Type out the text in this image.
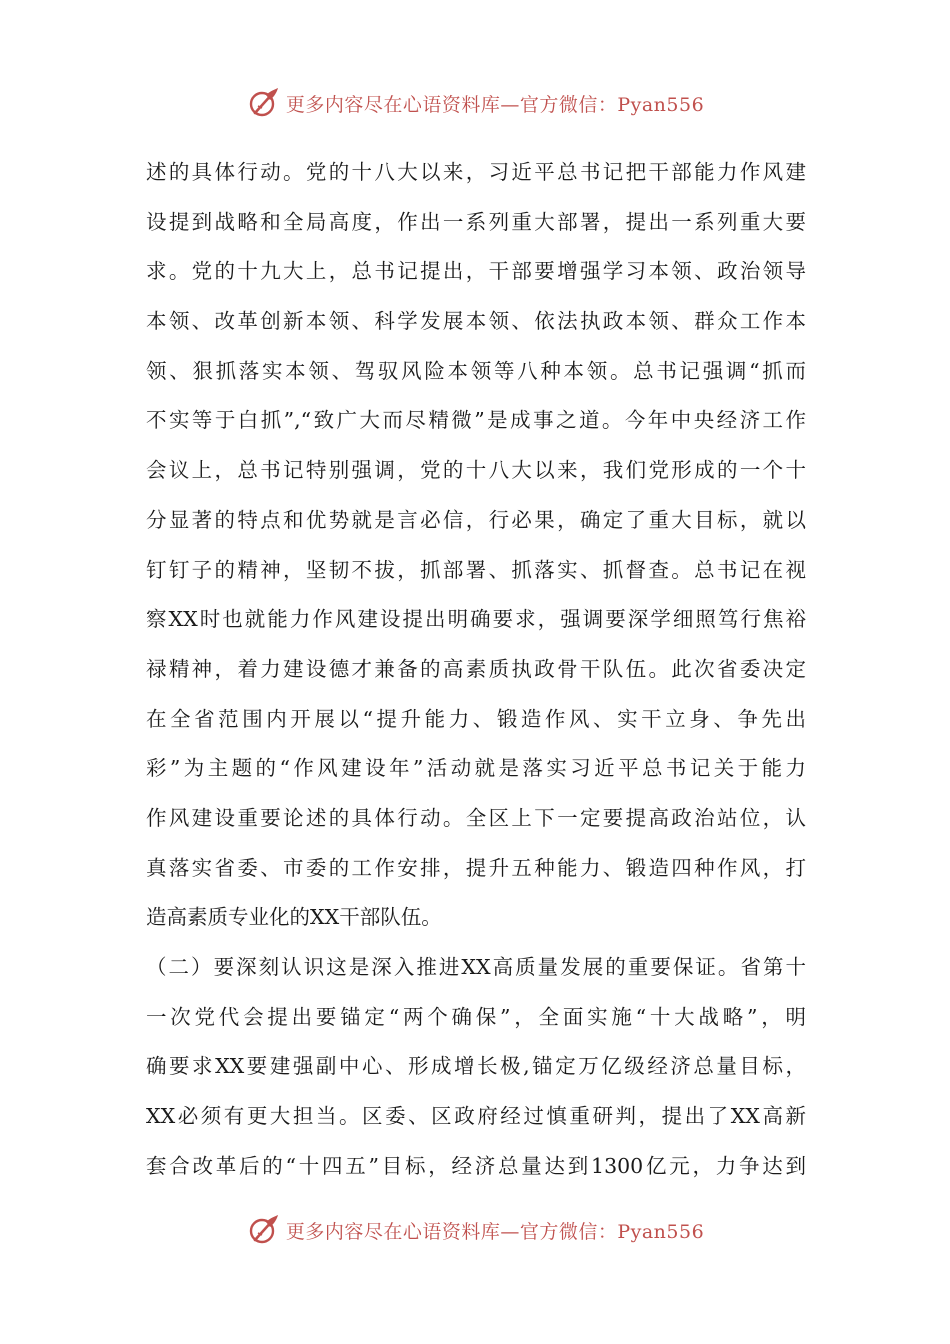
更多内容尽在心语资料库—官方微信：Pyan556
述的具体行动。党的十八大以来，习近平总书记把干部能力作风建
设提到战略和全局高度，作出一系列重大部署，提出一系列重大要
求。党的十九大上，总书记提出，干部要增强学习本领、政治领导
本领、改革创新本领、科学发展本领、依法执政本领、群众工作本
领、狠抓落实本领、驾驭风险本领等八种本领。总书记强调“抓而
不实等于白抓”,“致广大而尽精微”是成事之道。今年中央经济工作
会议上，总书记特别强调，党的十八大以来，我们党形成的一个十
分显著的特点和优势就是言必信，行必果，确定了重大目标，就以
钉钉子的精神，坚韧不拔，抓部署、抓落实、抓督查。总书记在视
察XX时也就能力作风建设提出明确要求，强调要深学细照笃行焦裕
禄精神，着力建设德才兼备的高素质执政骨干队伍。此次省委决定
在全省范围内开展以“提升能力、锻造作风、实干立身、争先出
彩”为主题的“作风建设年”活动就是落实习近平总书记关于能力
作风建设重要论述的具体行动。全区上下一定要提高政治站位，认
真落实省委、市委的工作安排，提升五种能力、锻造四种作风，打
造高素质专业化的XX干部队伍。
（二）要深刻认识这是深入推进XX高质量发展的重要保证。省第十
一次党代会提出要锚定“两个确保”，全面实施“十大战略”，明
确要求XX要建强副中心、形成增长极,锚定万亿级经济总量目标，
XX必须有更大担当。区委、区政府经过慎重研判，提出了XX高新
套合改革后的“十四五”目标，经济总量达到1300亿元，力争达到
更多内容尽在心语资料库—官方微信：Pyan556
